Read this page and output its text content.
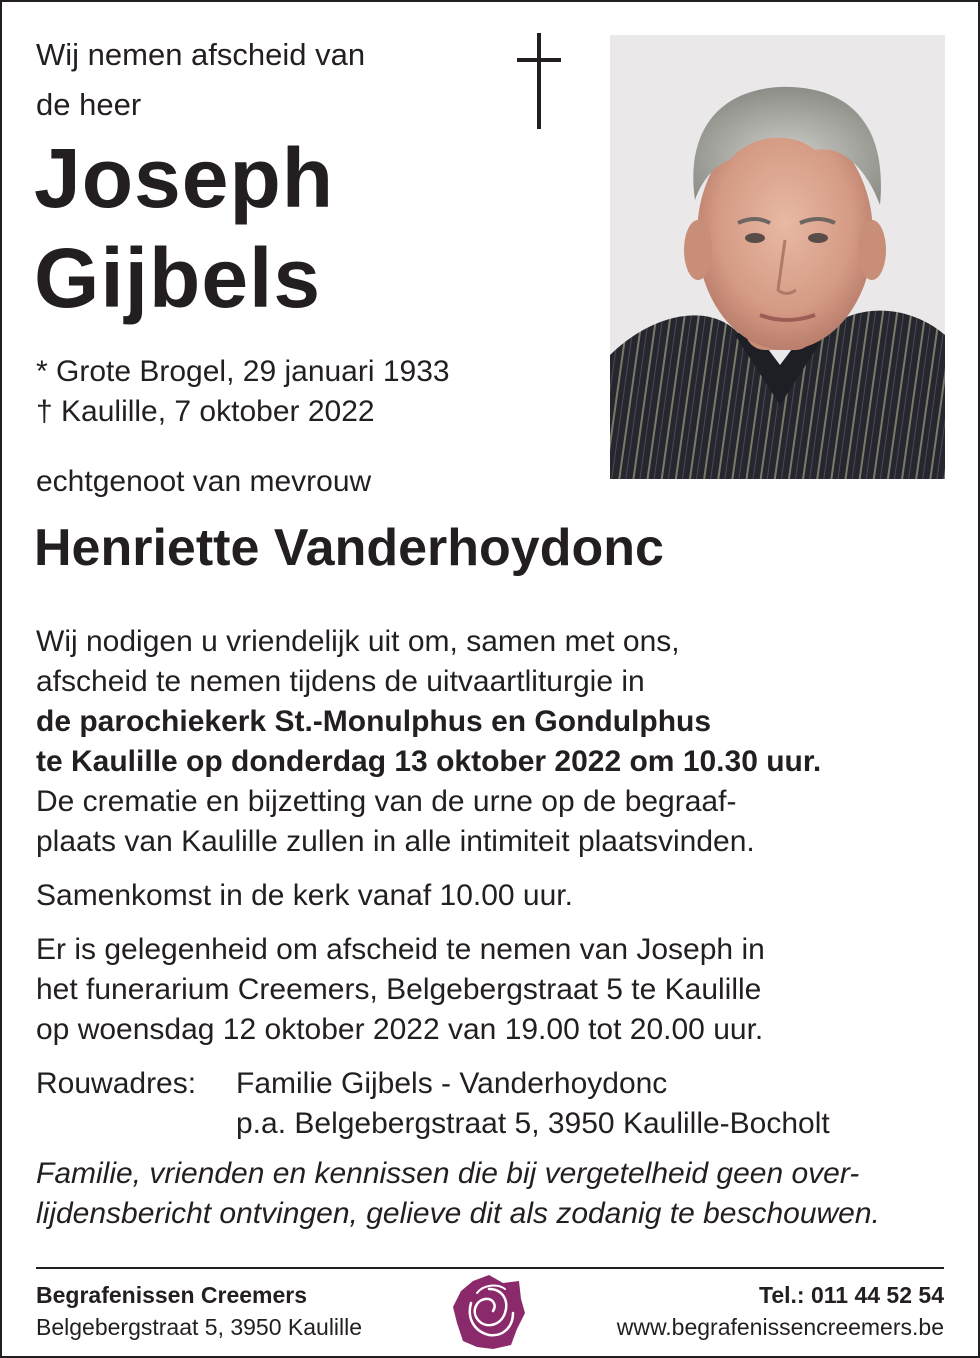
Wij nemen afscheid van
de heer
Joseph
Gijbels
* Grote Brogel, 29 januari 1933
† Kaulille, 7 oktober 2022
echtgenoot van mevrouw
Henriette Vanderhoydonc
Wij nodigen u vriendelijk uit om, samen met ons,
afscheid te nemen tijdens de uitvaartliturgie in
de parochiekerk St.-Monulphus en Gondulphus
te Kaulille op donderdag 13 oktober 2022 om 10.30 uur.
De crematie en bijzetting van de urne op de begraaf-
plaats van Kaulille zullen in alle intimiteit plaatsvinden.
Samenkomst in de kerk vanaf 10.00 uur.
Er is gelegenheid om afscheid te nemen van Joseph in
het funerarium Creemers, Belgebergstraat 5 te Kaulille
op woensdag 12 oktober 2022 van 19.00 tot 20.00 uur.
Rouwadres:	Familie Gijbels - Vanderhoydonc
p.a. Belgebergstraat 5, 3950 Kaulille-Bocholt
Familie, vrienden en kennissen die bij vergetelheid geen over-
lijdensbericht ontvingen, gelieve dit als zodanig te beschouwen.
Begrafenissen Creemers
Belgebergstraat 5, 3950 Kaulille
Tel.: 011 44 52 54
www.begrafenissencreemers.be
